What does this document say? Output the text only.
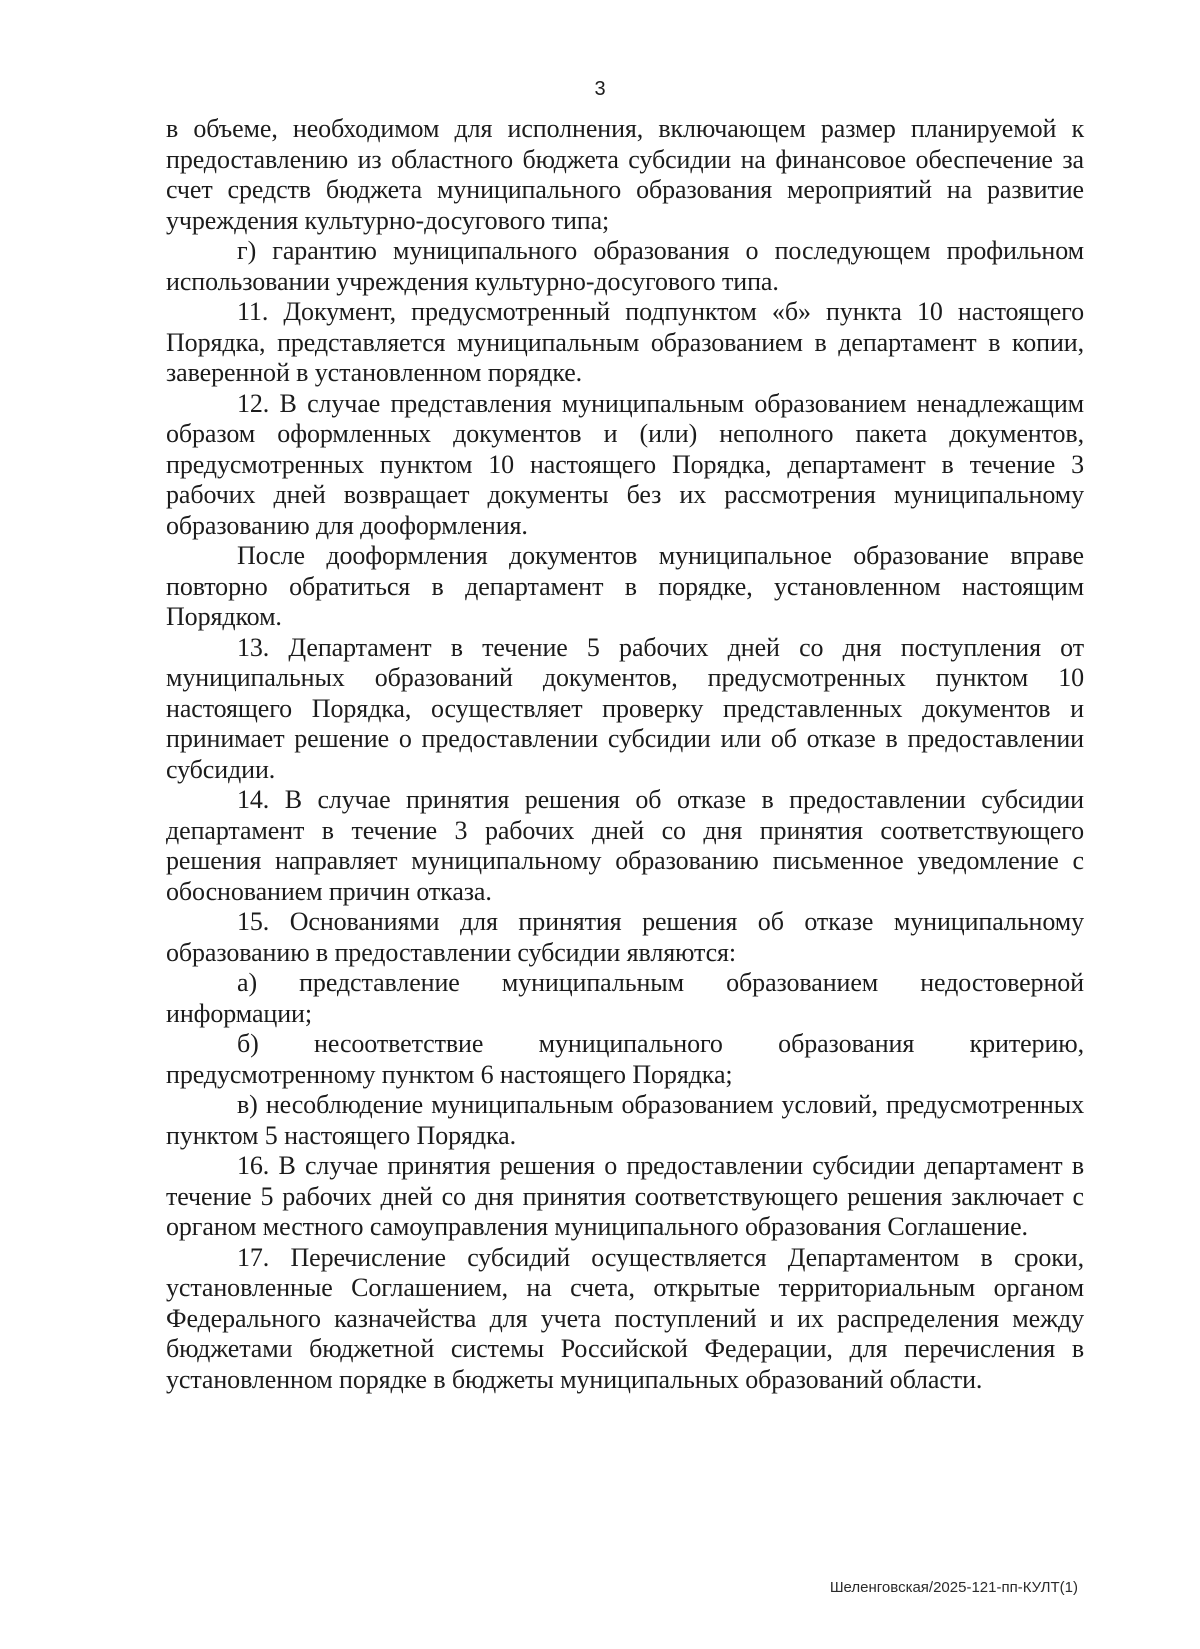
3

в объеме, необходимом для исполнения, включающем размер планируемой к предоставлению из областного бюджета субсидии на финансовое обеспечение за счет средств бюджета муниципального образования мероприятий на развитие учреждения культурно-досугового типа;

г) гарантию муниципального образования о последующем профильном использовании учреждения культурно-досугового типа.

11. Документ, предусмотренный подпунктом «б» пункта 10 настоящего Порядка, представляется муниципальным образованием в департамент в копии, заверенной в установленном порядке.

12. В случае представления муниципальным образованием ненадлежащим образом оформленных документов и (или) неполного пакета документов, предусмотренных пунктом 10 настоящего Порядка, департамент в течение 3 рабочих дней возвращает документы без их рассмотрения муниципальному образованию для дооформления.

После дооформления документов муниципальное образование вправе повторно обратиться в департамент в порядке, установленном настоящим Порядком.

13. Департамент в течение 5 рабочих дней со дня поступления от муниципальных образований документов, предусмотренных пунктом 10 настоящего Порядка, осуществляет проверку представленных документов и принимает решение о предоставлении субсидии или об отказе в предоставлении субсидии.

14. В случае принятия решения об отказе в предоставлении субсидии департамент в течение 3 рабочих дней со дня принятия соответствующего решения направляет муниципальному образованию письменное уведомление с обоснованием причин отказа.

15. Основаниями для принятия решения об отказе муниципальному образованию в предоставлении субсидии являются:

а) представление муниципальным образованием недостоверной информации;

б) несоответствие муниципального образования критерию, предусмотренному пунктом 6 настоящего Порядка;

в) несоблюдение муниципальным образованием условий, предусмотренных пунктом 5 настоящего Порядка.

16. В случае принятия решения о предоставлении субсидии департамент в течение 5 рабочих дней со дня принятия соответствующего решения заключает с органом местного самоуправления муниципального образования Соглашение.

17. Перечисление субсидий осуществляется Департаментом в сроки, установленные Соглашением, на счета, открытые территориальным органом Федерального казначейства для учета поступлений и их распределения между бюджетами бюджетной системы Российской Федерации, для перечисления в установленном порядке в бюджеты муниципальных образований области.

Шеленговская/2025-121-пп-КУЛТ(1)
